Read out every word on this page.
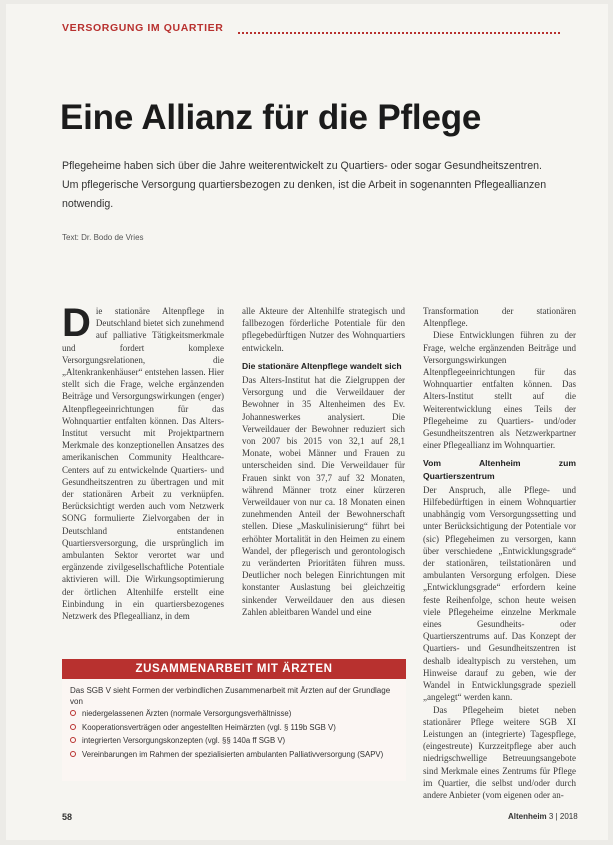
VERSORGUNG IM QUARTIER
Eine Allianz für die Pflege

Pflegeheime haben sich über die Jahre weiterentwickelt zu Quartiers- oder sogar Gesundheitszentren. Um pflegerische Versorgung quartiersbezogen zu denken, ist die Arbeit in sogenannten Pflegeallianzen notwendig.

Text: Dr. Bodo de Vries

Die stationäre Altenpflege in Deutschland bietet sich zunehmend auf palliative Tätigkeitsmerkmale und fordert komplexe Versorgungsrelationen, die „Altenkrankenhäuser“ entstehen lassen. Hier stellt sich die Frage, welche ergänzenden Beiträge und Versorgungswirkungen (enger) Altenpflegeeinrichtungen für das Wohnquartier entfalten können. Das Alters-Institut versucht mit Projektpartnern Merkmale des konzeptionellen Ansatzes des amerikanischen Community Healthcare-Centers auf zu entwickelnde Quartiers- und Gesundheitszentren zu übertragen und mit der stationären Arbeit zu verknüpfen. Berücksichtigt werden auch vom Netzwerk SONG formulierte Zielvorgaben der in Deutschland entstandenen Quartiersversorgung, die ursprünglich im ambulanten Sektor verortet war und ergänzende zivilgesellschaftliche Potentiale aktivieren will. Die Wirkungsoptimierung der örtlichen Altenhilfe erstellt eine Einbindung in ein quartiersbezogenes Netzwerk des Pflegeallianz, in dem

alle Akteure der Altenhilfe strategisch und fallbezogen förderliche Potentiale für den pflegebedürftigen Nutzer des Wohnquartiers entwickeln.

Die stationäre Altenpflege wandelt sich

Das Alters-Institut hat die Zielgruppen der Versorgung und die Verweildauer der Bewohner in 35 Altenheimen des Ev. Johanneswerkes analysiert. Die Verweildauer der Bewohner reduziert sich von 2007 bis 2015 von 32,1 auf 28,1 Monate, wobei Männer und Frauen zu unterscheiden sind. Die Verweildauer für Frauen sinkt von 37,7 auf 32 Monaten, während Männer trotz einer kürzeren Verweildauer von nur ca. 18 Monaten einen zunehmenden Anteil der Bewohnerschaft stellen. Diese „Maskulinisierung“ führt bei erhöhter Mortalität in den Heimen zu einem Wandel, der pflegerisch und gerontologisch zu veränderten Prioritäten führen muss. Deutlicher noch belegen Einrichtungen mit konstanter Auslastung bei gleichzeitig sinkender Verweildauer den aus diesen Zahlen ableitbaren Wandel und eine

Transformation der stationären Altenpflege.

Diese Entwicklungen führen zu der Frage, welche ergänzenden Beiträge und Versorgungswirkungen Altenpflegeeinrichtungen für das Wohnquartier entfalten können. Das Alters-Institut stellt auf die Weiterentwicklung eines Teils der Pflegeheime zu Quartiers- und/oder Gesundheitszentren als Netzwerkpartner einer Pflegeallianz im Wohnquartier.

Vom Altenheim zum Quartierszentrum

Der Anspruch, alle Pflege- und Hilfebedürftigen in einem Wohnquartier unabhängig vom Versorgungssetting und unter Berücksichtigung der Potentiale vor (sic) Pflegeheimen zu versorgen, kann über verschiedene „Entwicklungsgrade“ der stationären, teilstationären und ambulanten Versorgung erfolgen. Diese „Entwicklungsgrade“ erfordern keine feste Reihenfolge, schon heute weisen viele Pflegeheime einzelne Merkmale eines Gesundheits- oder Quartierszentrums auf. Das Konzept der Quartiers- und Gesundheitszentren ist deshalb idealtypisch zu verstehen, um Hinweise darauf zu geben, wie der Wandel in Entwicklungsgrade speziell „angelegt“ werden kann.

Das Pflegeheim bietet neben stationärer Pflege weitere SGB XI Leistungen an (integrierte) Tagespflege, (eingestreute) Kurzzeitpflege aber auch niedrigschwellige Betreuungsangebote sind Merkmale eines Zentrums für Pflege im Quartier, die selbst und/oder durch andere Anbieter (vom eigenen oder an-

ZUSAMMENARBEIT MIT ÄRZTEN
Das SGB V sieht Formen der verbindlichen Zusammenarbeit mit Ärzten auf der Grundlage von
niedergelassenen Ärzten (normale Versorgungsverhältnisse)
Kooperationsverträgen oder angestellten Heimärzten (vgl. § 119b SGB V)
integrierten Versorgungskonzepten (vgl. §§ 140a ff SGB V)
Vereinbarungen im Rahmen der spezialisierten ambulanten Palliativversorgung (SAPV)
58	Altenheim 3 | 2018
